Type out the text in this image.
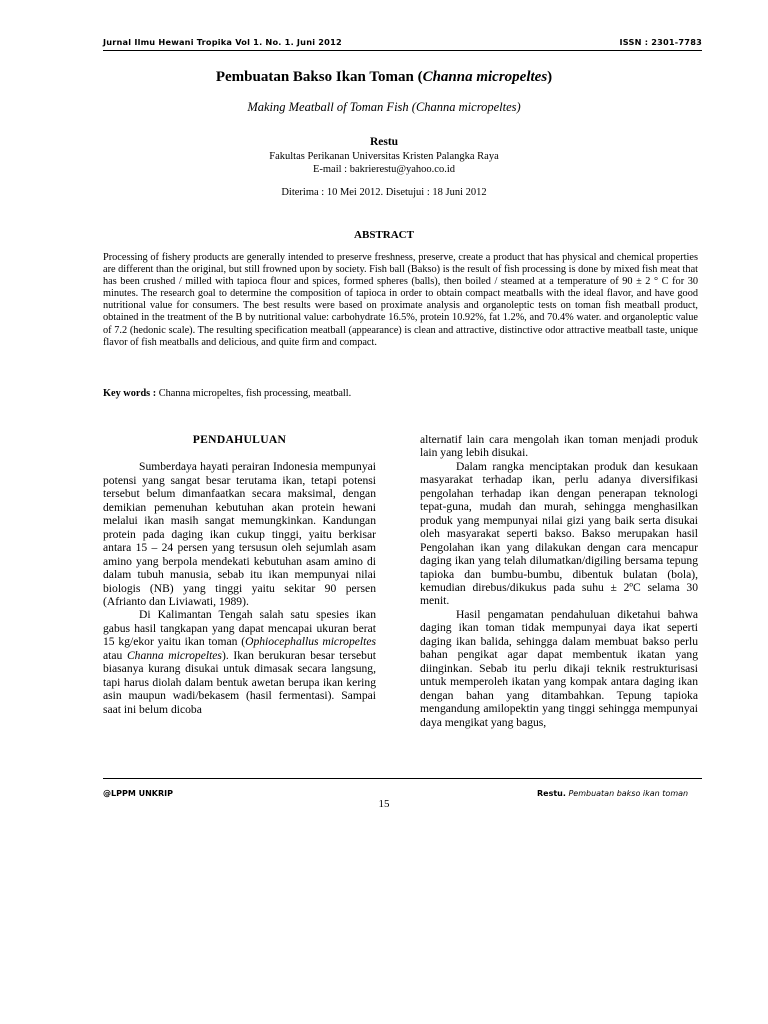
Jurnal Ilmu Hewani Tropika Vol 1. No. 1. Juni 2012	ISSN : 2301-7783
Pembuatan Bakso Ikan Toman (Channa micropeltes)
Making Meatball of Toman Fish (Channa micropeltes)
Restu
Fakultas Perikanan Universitas Kristen Palangka Raya
E-mail : bakrierestu@yahoo.co.id
Diterima : 10 Mei 2012. Disetujui : 18 Juni 2012
ABSTRACT
Processing of fishery products are generally intended to preserve freshness, preserve, create a product that has physical and chemical properties are different than the original, but still frowned upon by society. Fish ball (Bakso) is the result of fish processing is done by mixed fish meat that has been crushed / milled with tapioca flour and spices, formed spheres (balls), then boiled / steamed at a temperature of 90 ± 2 ° C for 30 minutes. The research goal to determine the composition of tapioca in order to obtain compact meatballs with the ideal flavor, and have good nutritional value for consumers. The best results were based on proximate analysis and organoleptic tests on toman fish meatball product, obtained in the treatment of the B by nutritional value: carbohydrate 16.5%, protein 10.92%, fat 1.2%, and 70.4% water. and organoleptic value of 7.2 (hedonic scale). The resulting specification meatball (appearance) is clean and attractive, distinctive odor attractive meatball taste, unique flavor of fish meatballs and delicious, and quite firm and compact.
Key words : Channa micropeltes, fish processing, meatball.

PENDAHULUAN

Sumberdaya hayati perairan Indonesia mempunyai potensi yang sangat besar terutama ikan, tetapi potensi tersebut belum dimanfaatkan secara maksimal, dengan demikian pemenuhan kebutuhan akan protein hewani melalui ikan masih sangat memungkinkan. Kandungan protein pada daging ikan cukup tinggi, yaitu berkisar antara 15 – 24 persen yang tersusun oleh sejumlah asam amino yang berpola mendekati kebutuhan asam amino di dalam tubuh manusia, sebab itu ikan mempunyai nilai biologis (NB) yang tinggi yaitu sekitar 90 persen (Afrianto dan Liviawati, 1989).

Di Kalimantan Tengah salah satu spesies ikan gabus hasil tangkapan yang dapat mencapai ukuran berat 15 kg/ekor yaitu ikan toman (Ophiocephallus micropeltes atau Channa micropeltes). Ikan berukuran besar tersebut biasanya kurang disukai untuk dimasak secara langsung, tapi harus diolah dalam bentuk awetan berupa ikan kering asin maupun wadi/bekasem (hasil fermentasi). Sampai saat ini belum dicoba

alternatif lain cara mengolah ikan toman menjadi produk lain yang lebih disukai.

Dalam rangka menciptakan produk dan kesukaan masyarakat terhadap ikan, perlu adanya diversifikasi pengolahan terhadap ikan dengan penerapan teknologi tepat-guna, mudah dan murah, sehingga menghasilkan produk yang mempunyai nilai gizi yang baik serta disukai oleh masyarakat seperti bakso. Bakso merupakan hasil Pengolahan ikan yang dilakukan dengan cara mencapur daging ikan yang telah dilumatkan/digiling bersama tepung tapioka dan bumbu-bumbu, dibentuk bulatan (bola), kemudian direbus/dikukus pada suhu ± 2ºC selama 30 menit.

Hasil pengamatan pendahuluan diketahui bahwa daging ikan toman tidak mempunyai daya ikat seperti daging ikan balida, sehingga dalam membuat bakso perlu bahan pengikat agar dapat membentuk ikatan yang diinginkan. Sebab itu perlu dikaji teknik restrukturisasi untuk memperoleh ikatan yang kompak antara daging ikan dengan bahan yang ditambahkan. Tepung tapioka mengandung amilopektin yang tinggi sehingga mempunyai daya mengikat yang bagus,

@LPPM UNKRIP	Restu. Pembuatan bakso ikan toman
15
